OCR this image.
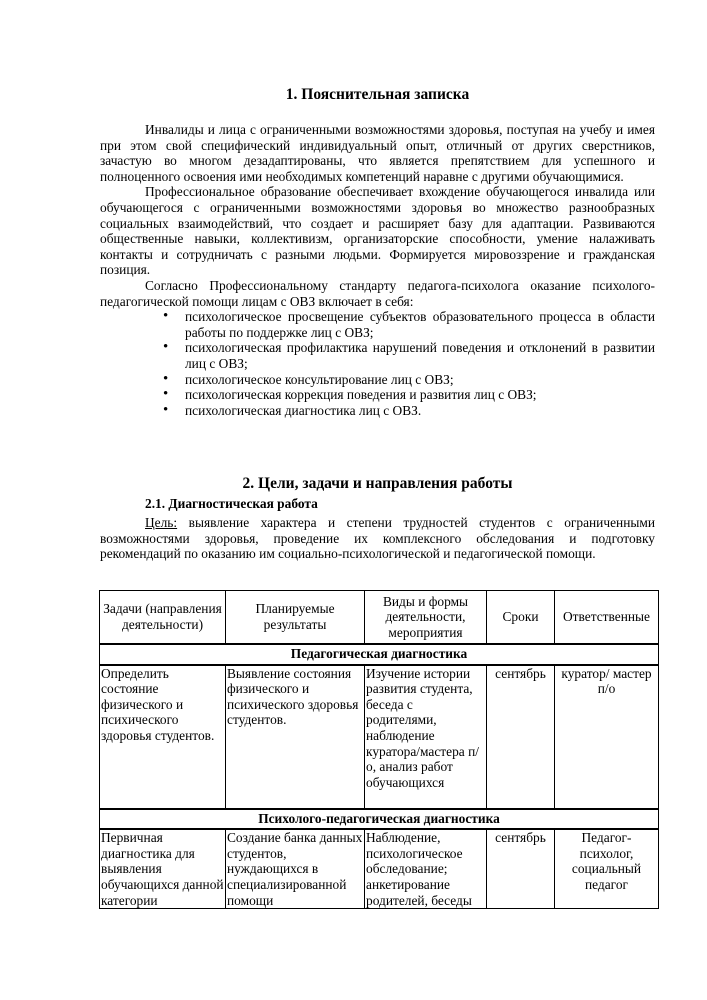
1. Пояснительная записка

Инвалиды и лица с ограниченными возможностями здоровья, поступая на учебу и имея при этом свой специфический индивидуальный опыт, отличный от других сверстников, зачастую во многом дезадаптированы, что является препятствием для успешного и полноценного освоения ими необходимых компетенций наравне с другими обучающимися.

Профессиональное образование обеспечивает вхождение обучающегося инвалида или обучающегося с ограниченными возможностями здоровья во множество разнообразных социальных взаимодействий, что создает и расширяет базу для адаптации. Развиваются общественные навыки, коллективизм, организаторские способности, умение налаживать контакты и сотрудничать с разными людьми. Формируется мировоззрение и гражданская позиция.

Согласно Профессиональному стандарту педагога-психолога оказание психолого-педагогической помощи лицам с ОВЗ включает в себя:

• психологическое просвещение субъектов образовательного процесса в области работы по поддержке лиц с ОВЗ;
• психологическая профилактика нарушений поведения и отклонений в развитии лиц с ОВЗ;
• психологическое консультирование лиц с ОВЗ;
• психологическая коррекция поведения и развития лиц с ОВЗ;
• психологическая диагностика лиц с ОВЗ.
2. Цели, задачи и направления работы
2.1. Диагностическая работа

Цель: выявление характера и степени трудностей студентов с ограниченными возможностями здоровья, проведение их комплексного обследования и подготовку рекомендаций по оказанию им социально-психологической и педагогической помощи.

Задачи (направления деятельности)	Планируемые результаты	Виды и формы деятельности, мероприятия	Сроки	Ответственные
Педагогическая диагностика				
Определить состояние физического и психического здоровья студентов.	Выявление состояния физического и психического здоровья студентов.	Изучение истории развития студента, беседа с родителями, наблюдение куратора/мастера п/о, анализ работ обучающихся	сентябрь	куратор/ мастер п/о
Психолого-педагогическая диагностика				
Первичная диагностика для выявления обучающихся данной категории	Создание банка данных студентов, нуждающихся в специализированной помощи	Наблюдение, психологическое обследование; анкетирование родителей, беседы	сентябрь	Педагог-психолог, социальный педагог
